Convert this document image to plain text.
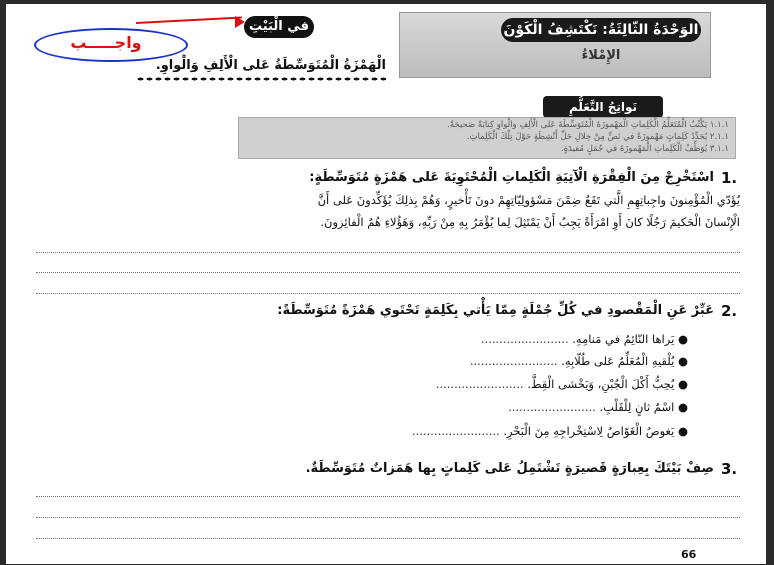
الوَحْدَةُ الثّالِثَةُ: نَكْتَشِفُ الْكَوْنَ
الإِمْلاءُ
في الْبَيْتِ
واجـــــب
الْهَمْزَةُ الْمُتَوَسِّطَةُ عَلى الْأَلِفِ وَالْواوِ.
نَواتِجُ التَّعَلُّمِ
١.١.١ يَكْتُبُ الْمُتَعَلِّمُ الْكَلِماتِ الْمَهْموزَةَ الْمُتَوَسِّطَةَ عَلى الْأَلِفِ والْواوِ كِتابَةً صَحيحَةً.
٢.١.١ يُحَدِّدُ كَلِماتٍ مَهْموزَةً في نَصٍّ مِنْ خِلالِ حَلِّ أَنْشِطَةٍ حَوْلَ تِلْكَ الْكَلِماتِ.
٣.١.١ يُوَظِّفُ الْكَلِماتِ الْمَهْموزَةَ في جُمَلٍ مُفيدَةٍ.
1.
اسْتَخْرِجْ مِنَ الْفِقْرَةِ الْآتِيَةِ الْكَلِماتِ الْمُحْتَوِيَةَ عَلى هَمْزَةٍ مُتَوَسِّطَةٍ:
يُؤَدّي الْمُؤْمِنونَ واجِباتِهِمِ الَّتي تَقَعُ ضِمْنَ مَسْؤولِيّاتِهِمْ دونَ تَأْخيرٍ، وَهُمْ بِذلِكَ يُؤَكِّدونَ عَلى أَنَّ
الْإِنْسانَ الْحَكيمَ رَجُلًا كانَ أَوِ امْرَأَةً يَجِبُ أَنْ يَمْتَثِلَ لِما يُؤْمَرُ بِهِ مِنْ رَبِّهِ، وَهَؤُلاءِ هُمُ الْفائِزونَ.
2.
عَبِّرْ عَنِ الْمَقْصودِ في كُلِّ جُمْلَةٍ مِمّا يَأْتي بِكَلِمَةٍ تَحْتَوي هَمْزَةً مُتَوَسِّطَةً:
● يَراها النّائِمُ في مَنامِهِ. ........................
● يُلْقيهِ الْمُعَلِّمُ عَلى طُلّابِهِ. ........................
● يُحِبُّ أَكْلَ الْجُبْنِ، وَيَخْشى الْقِطَّ. ........................
● اسْمٌ ثانٍ لِلْقَلْبِ. ........................
● يَغوصُ الْغَوّاصُ لِاسْتِخْراجِهِ مِنَ الْبَحْرِ. ........................
3.
صِفْ بَيْتَكَ بِعِبارَةٍ قَصيرَةٍ تَشْتَمِلُ عَلى كَلِماتٍ بِها هَمَزاتٌ مُتَوَسِّطَةٌ.
66
